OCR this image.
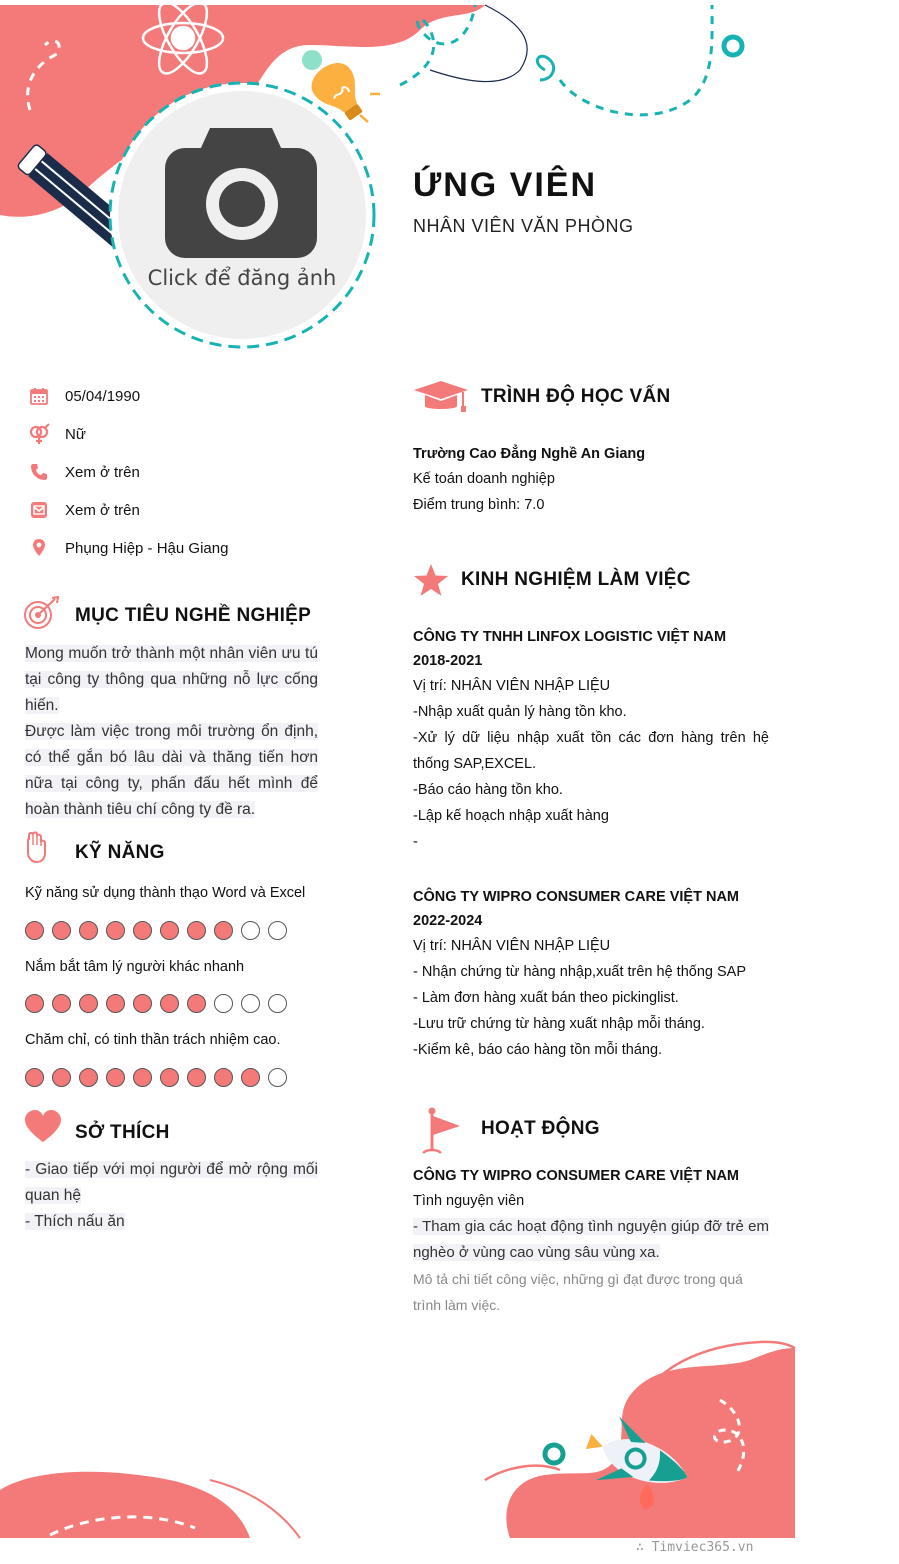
Click để đăng ảnh
ỨNG VIÊN
NHÂN VIÊN VĂN PHÒNG
05/04/1990
Nữ
Xem ở trên
Xem ở trên
Phụng Hiệp - Hậu Giang
MỤC TIÊU NGHỀ NGHIỆP
Mong muốn trở thành một nhân viên ưu tú tại công ty thông qua những nỗ lực cống hiến.
Được làm việc trong môi trường ổn định, có thể gắn bó lâu dài và thăng tiến hơn nữa tại công ty, phấn đấu hết mình để hoàn thành tiêu chí công ty đề ra.
KỸ NĂNG
Kỹ năng sử dụng thành thạo Word và Excel
Nắm bắt tâm lý người khác nhanh
Chăm chỉ, có tinh thần trách nhiệm cao.
SỞ THÍCH
- Giao tiếp với mọi người để mở rộng mối quan hệ
- Thích nấu ăn
TRÌNH ĐỘ HỌC VẤN
Trường Cao Đẳng Nghề An Giang
Kế toán doanh nghiệp
Điểm trung bình: 7.0
KINH NGHIỆM LÀM VIỆC
CÔNG TY TNHH LINFOX LOGISTIC VIỆT NAM
2018-2021
Vị trí: NHÂN VIÊN NHẬP LIỆU
-Nhập xuất quản lý hàng tồn kho.
-Xử lý dữ liệu nhập xuất tồn các đơn hàng trên hệ thống SAP,EXCEL.
-Báo cáo hàng tồn kho.
-Lập kế hoạch nhập xuất hàng
-
CÔNG TY WIPRO CONSUMER CARE VIỆT NAM
2022-2024
Vị trí: NHÂN VIÊN NHẬP LIỆU
- Nhận chứng từ hàng nhập,xuất trên hệ thống SAP
- Làm đơn hàng xuất bán theo pickinglist.
-Lưu trữ chứng từ hàng xuất nhập mỗi tháng.
-Kiểm kê, báo cáo hàng tồn mỗi tháng.
HOẠT ĐỘNG
CÔNG TY WIPRO CONSUMER CARE VIỆT NAM
Tình nguyện viên
- Tham gia các hoạt động tình nguyện giúp đỡ trẻ em nghèo ở vùng cao vùng sâu vùng xa.
Mô tả chi tiết công việc, những gì đạt được trong quá trình làm việc.
∴ Timviec365.vn
